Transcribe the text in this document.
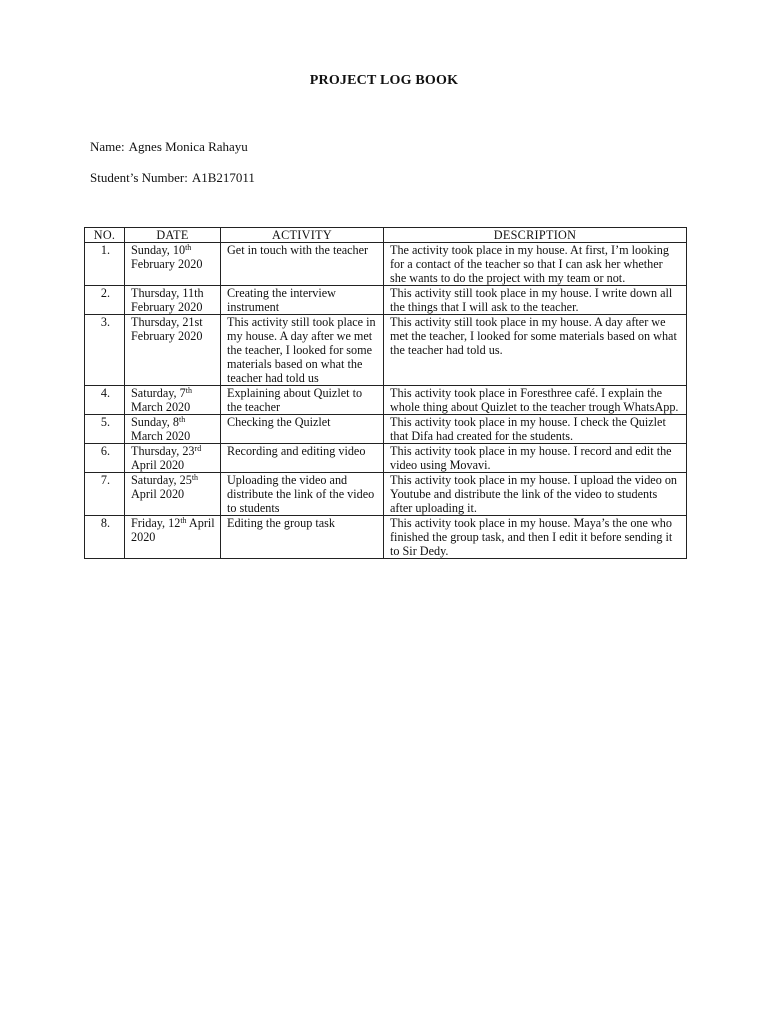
PROJECT LOG BOOK
Name: Agnes Monica Rahayu
Student’s Number: A1B217011
NO.	DATE	ACTIVITY	DESCRIPTION
1.	Sunday, 10th February 2020	Get in touch with the teacher	The activity took place in my house. At first, I’m looking for a contact of the teacher so that I can ask her whether she wants to do the project with my team or not.
2.	Thursday, 11th February 2020	Creating the interview instrument	This activity still took place in my house. I write down all the things that I will ask to the teacher.
3.	Thursday, 21st February 2020	This activity still took place in my house. A day after we met the teacher, I looked for some materials based on what the teacher had told us	This activity still took place in my house. A day after we met the teacher, I looked for some materials based on what the teacher had told us.
4.	Saturday, 7th March 2020	Explaining about Quizlet to the teacher	This activity took place in Foresthree café. I explain the whole thing about Quizlet to the teacher trough WhatsApp.
5.	Sunday, 8th March 2020	Checking the Quizlet	This activity took place in my house. I check the Quizlet that Difa had created for the students.
6.	Thursday, 23rd April 2020	Recording and editing video	This activity took place in my house. I record and edit the video using Movavi.
7.	Saturday, 25th April 2020	Uploading the video and distribute the link of the video to students	This activity took place in my house. I upload the video on Youtube and distribute the link of the video to students after uploading it.
8.	Friday, 12th April 2020	Editing the group task	This activity took place in my house. Maya’s the one who finished the group task, and then I edit it before sending it to Sir Dedy.
